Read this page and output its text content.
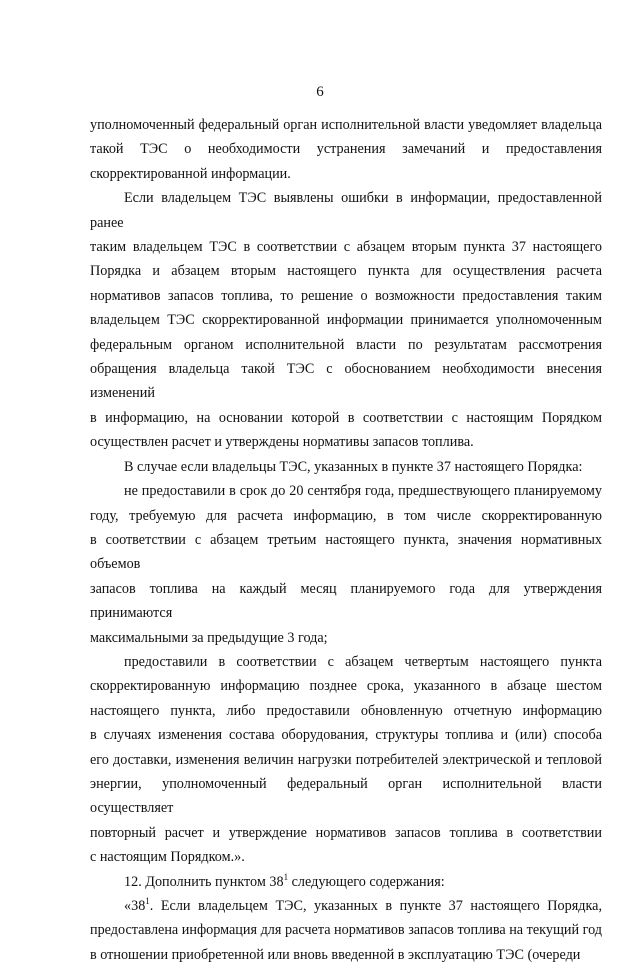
6

уполномоченный федеральный орган исполнительной власти уведомляет владельца

такой ТЭС о необходимости устранения замечаний и предоставления

скорректированной информации.

Если владельцем ТЭС выявлены ошибки в информации, предоставленной ранее

таким владельцем ТЭС в соответствии с абзацем вторым пункта 37 настоящего

Порядка и абзацем вторым настоящего пункта для осуществления расчета

нормативов запасов топлива, то решение о возможности предоставления таким

владельцем ТЭС скорректированной информации принимается уполномоченным

федеральным органом исполнительной власти по результатам рассмотрения

обращения владельца такой ТЭС с обоснованием необходимости внесения изменений

в информацию, на основании которой в соответствии с настоящим Порядком

осуществлен расчет и утверждены нормативы запасов топлива.

В случае если владельцы ТЭС, указанных в пункте 37 настоящего Порядка:

не предоставили в срок до 20 сентября года, предшествующего планируемому

году, требуемую для расчета информацию, в том числе скорректированную

в соответствии с абзацем третьим настоящего пункта, значения нормативных объемов

запасов топлива на каждый месяц планируемого года для утверждения принимаются

максимальными за предыдущие 3 года;

предоставили в соответствии с абзацем четвертым настоящего пункта

скорректированную информацию позднее срока, указанного в абзаце шестом

настоящего пункта, либо предоставили обновленную отчетную информацию

в случаях изменения состава оборудования, структуры топлива и (или) способа

его доставки, изменения величин нагрузки потребителей электрической и тепловой

энергии, уполномоченный федеральный орган исполнительной власти осуществляет

повторный расчет и утверждение нормативов запасов топлива в соответствии

с настоящим Порядком.».

12. Дополнить пунктом $38^1$ следующего содержания:

«$38^1$. Если владельцем ТЭС, указанных в пункте 37 настоящего Порядка,

предоставлена информация для расчета нормативов запасов топлива на текущий год

в отношении приобретенной или вновь введенной в эксплуатацию ТЭС (очереди
